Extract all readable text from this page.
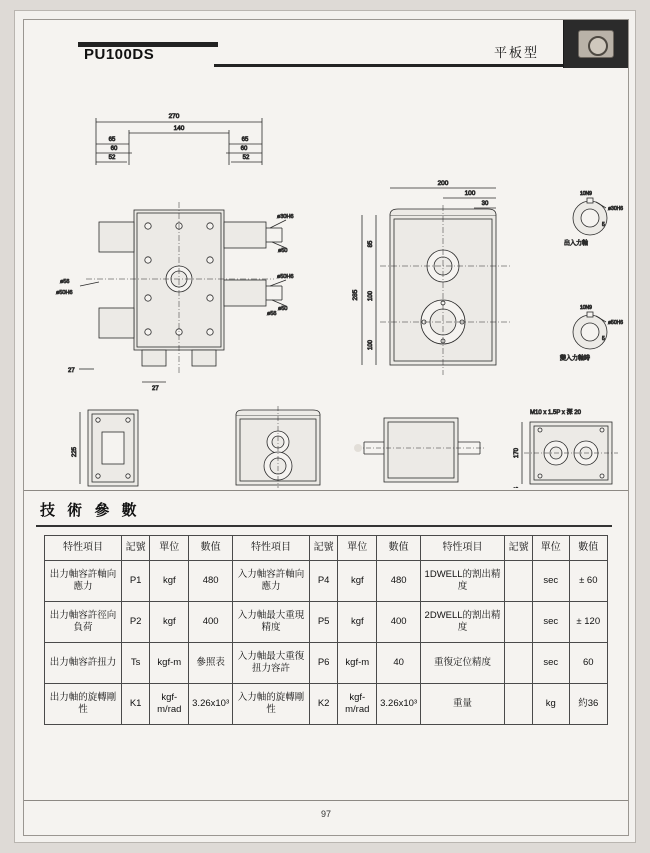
PU100DS	平板型
270
140
65	65
60	60
52	52
ø30H6
ø50
ø50H6
ø50
ø56
ø50H6
ø56
27
27
200
100
30
285
85
100
100
10N9
ø30H6
5
出入力軸
10N9
ø50H6
5
變入力軸時
225
M10 x 1.5P x 深 20
170
技 術 參 數
特性項目	記號	單位	數值	特性項目	記號	單位	數值	特性項目	記號	單位	數值
出力軸容許軸向應力	P1	kgf	480	入力軸容許軸向應力	P4	kgf	480	1DWELL的割出精度		sec	± 60
出力軸容許徑向負荷	P2	kgf	400	入力軸最大重現精度	P5	kgf	400	2DWELL的割出精度		sec	± 120
出力軸容許扭力	Ts	kgf-m	參照表	入力軸最大重復扭力容許	P6	kgf-m	40	重復定位精度		sec	60
出力軸的旋轉剛性	K1	kgf-m/rad	3.26x10³	入力軸的旋轉剛性	K2	kgf-m/rad	3.26x10³	重量		kg	約36
97
